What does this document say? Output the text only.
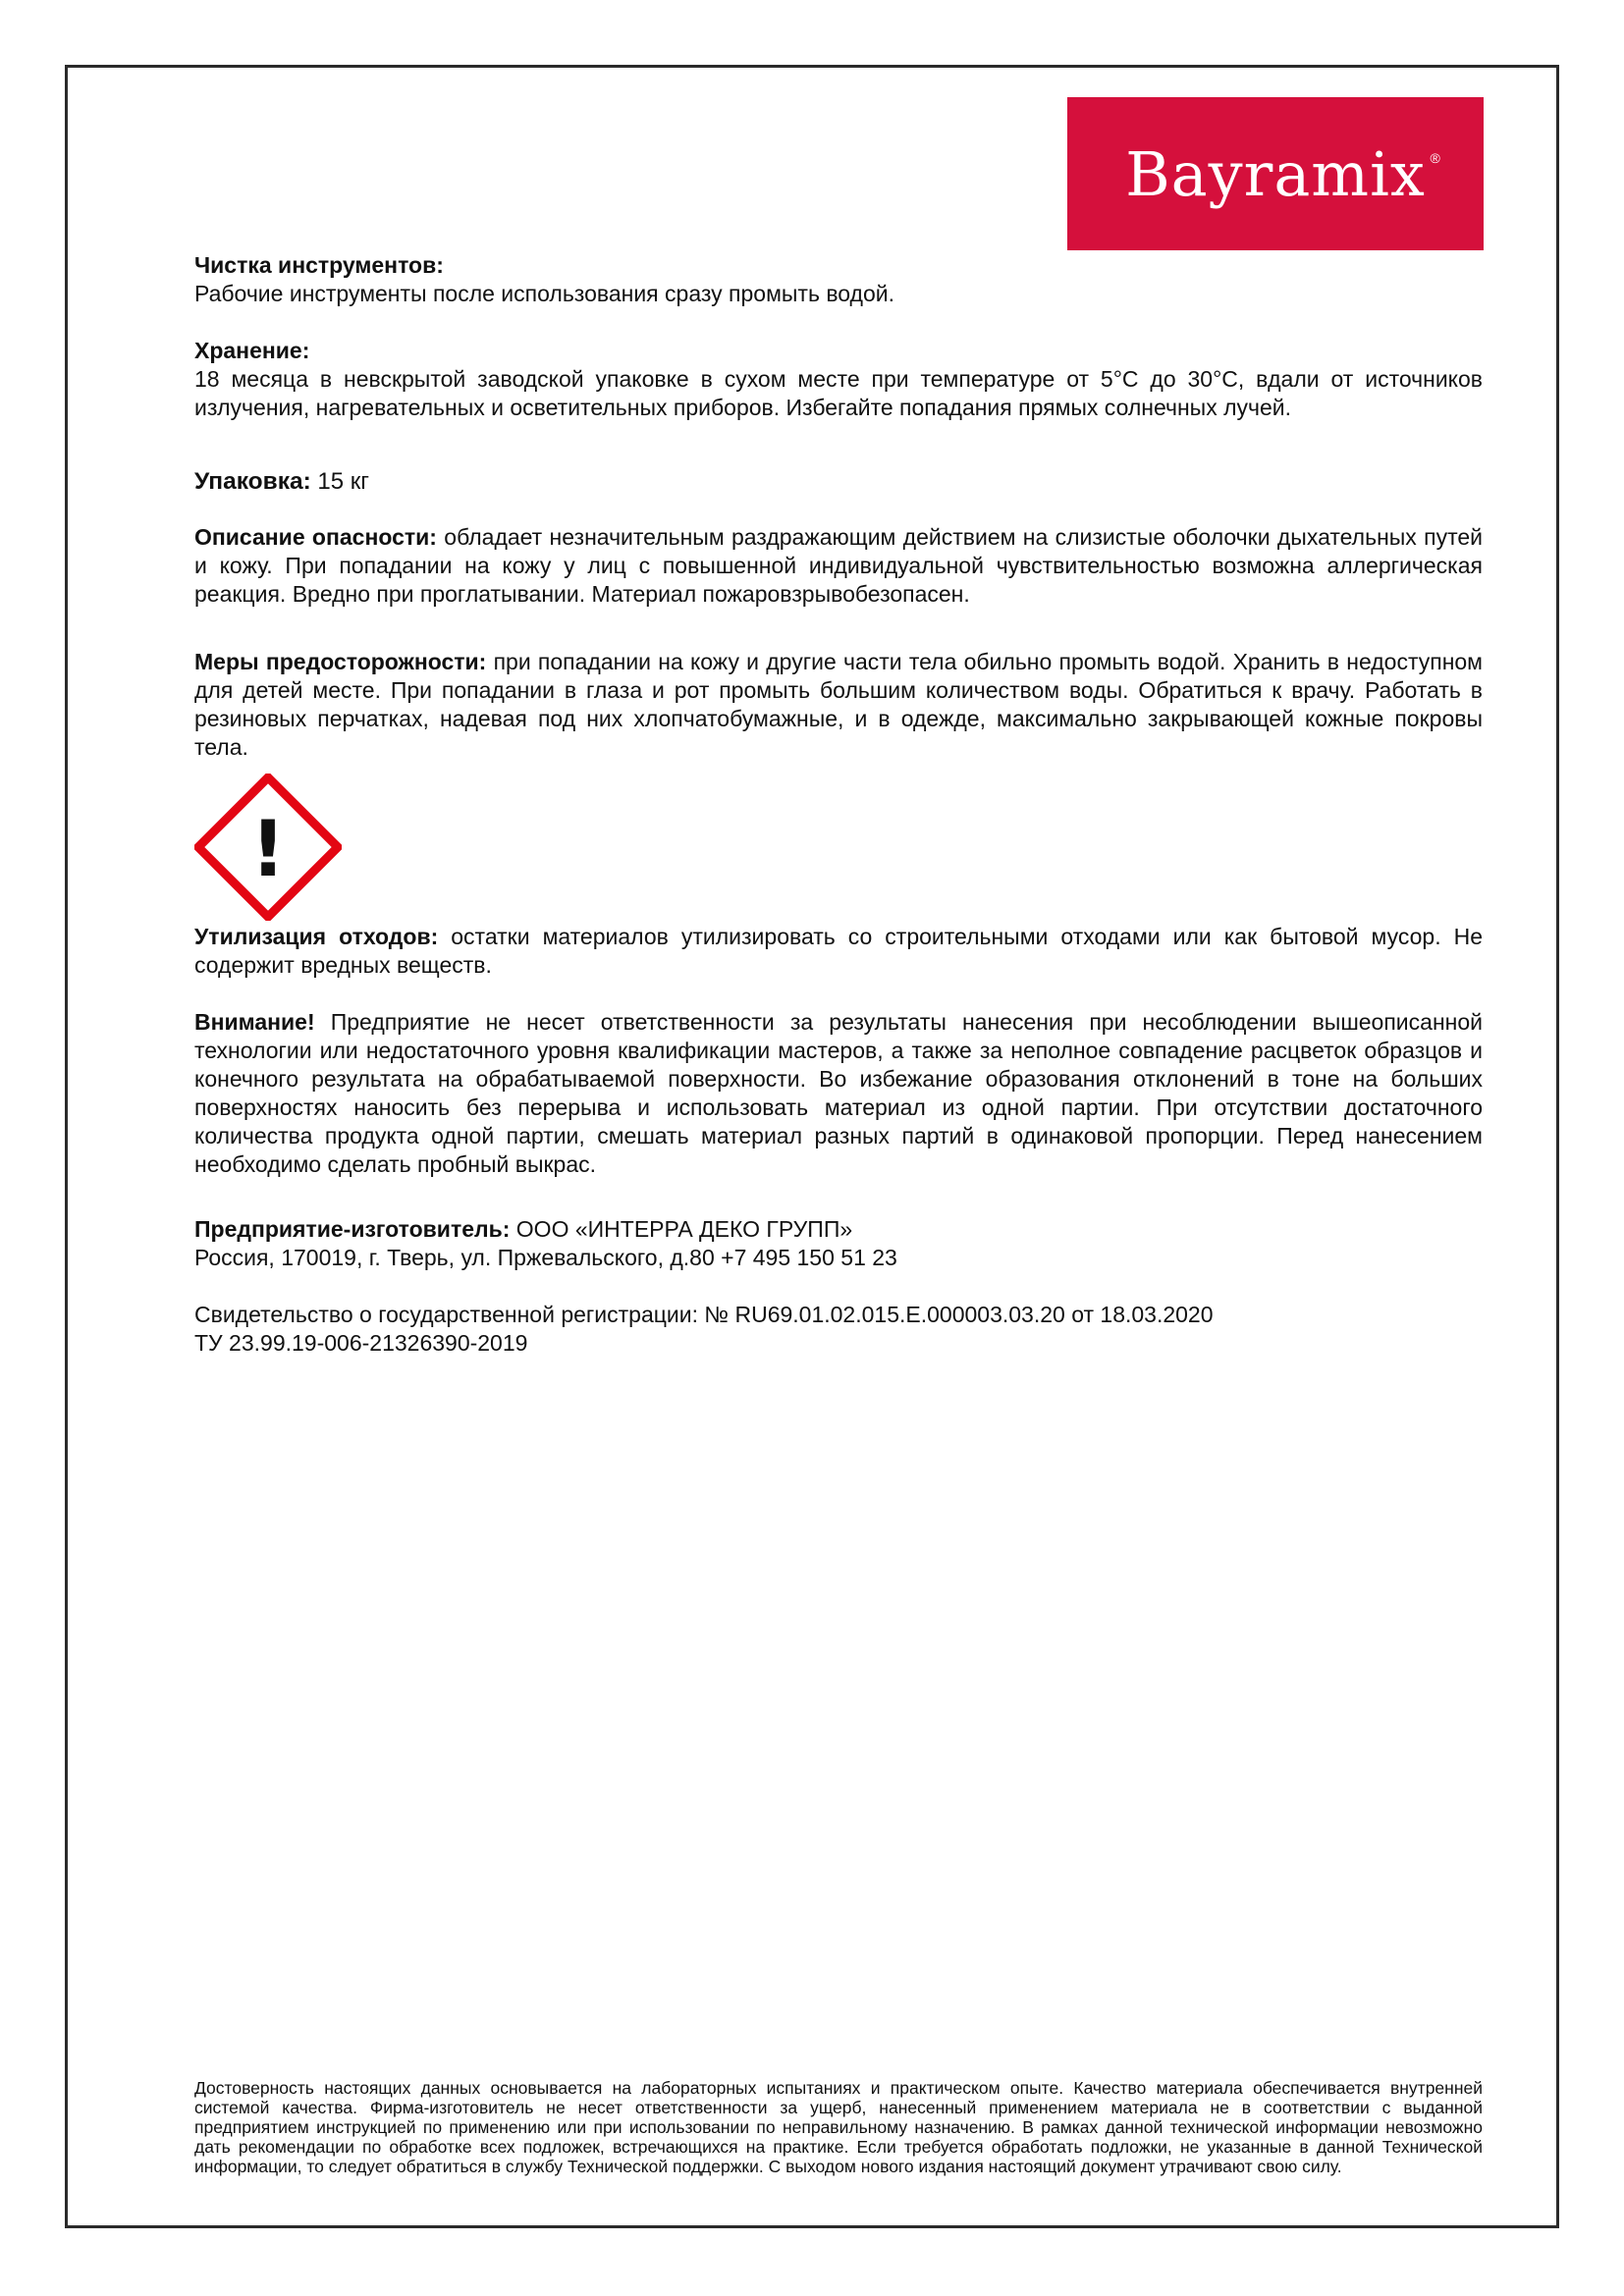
Bayramix ®
Чистка инструментов:
Рабочие инструменты после использования сразу промыть водой.
Хранение:
18 месяца в невскрытой заводской упаковке в сухом месте при температуре от 5°С до 30°С, вдали от источников излучения, нагревательных и осветительных приборов. Избегайте попадания прямых солнечных лучей.
Упаковка: 15 кг
Описание опасности: обладает незначительным раздражающим действием на слизистые оболочки дыхательных путей и кожу. При попадании на кожу у лиц с повышенной индивидуальной чувствительностью возможна аллергическая реакция. Вредно при проглатывании. Материал пожаровзрывобезопасен.
Меры предосторожности: при попадании на кожу и другие части тела обильно промыть водой. Хранить в недоступном для детей месте. При попадании в глаза и рот промыть большим количеством воды. Обратиться к врачу. Работать в резиновых перчатках, надевая под них хлопчатобумажные, и в одежде, максимально закрывающей кожные покровы тела.
!
Утилизация отходов: остатки материалов утилизировать со строительными отходами или как бытовой мусор. Не содержит вредных веществ.
Внимание! Предприятие не несет ответственности за результаты нанесения при несоблюдении вышеописанной технологии или недостаточного уровня квалификации мастеров, а также за неполное совпадение расцветок образцов и конечного результата на обрабатываемой поверхности. Во избежание образования отклонений в тоне на больших поверхностях наносить без перерыва и использовать материал из одной партии. При отсутствии достаточного количества продукта одной партии, смешать материал разных партий в одинаковой пропорции. Перед нанесением необходимо сделать пробный выкрас.
Предприятие-изготовитель: ООО «ИНТЕРРА ДЕКО ГРУПП»
Россия, 170019, г. Тверь, ул. Пржевальского, д.80 +7 495 150 51 23
Свидетельство о государственной регистрации: № RU69.01.02.015.Е.000003.03.20 от 18.03.2020
ТУ 23.99.19-006-21326390-2019
Достоверность настоящих данных основывается на лабораторных испытаниях и практическом опыте. Качество материала обеспечивается внутренней системой качества. Фирма-изготовитель не несет ответственности за ущерб, нанесенный применением материала не в соответствии с выданной предприятием инструкцией по применению или при использовании по неправильному назначению. В рамках данной технической информации невозможно дать рекомендации по обработке всех подложек, встречающихся на практике. Если требуется обработать подложки, не указанные в данной Технической информации, то следует обратиться в службу Технической поддержки. С выходом нового издания настоящий документ утрачивают свою силу.
